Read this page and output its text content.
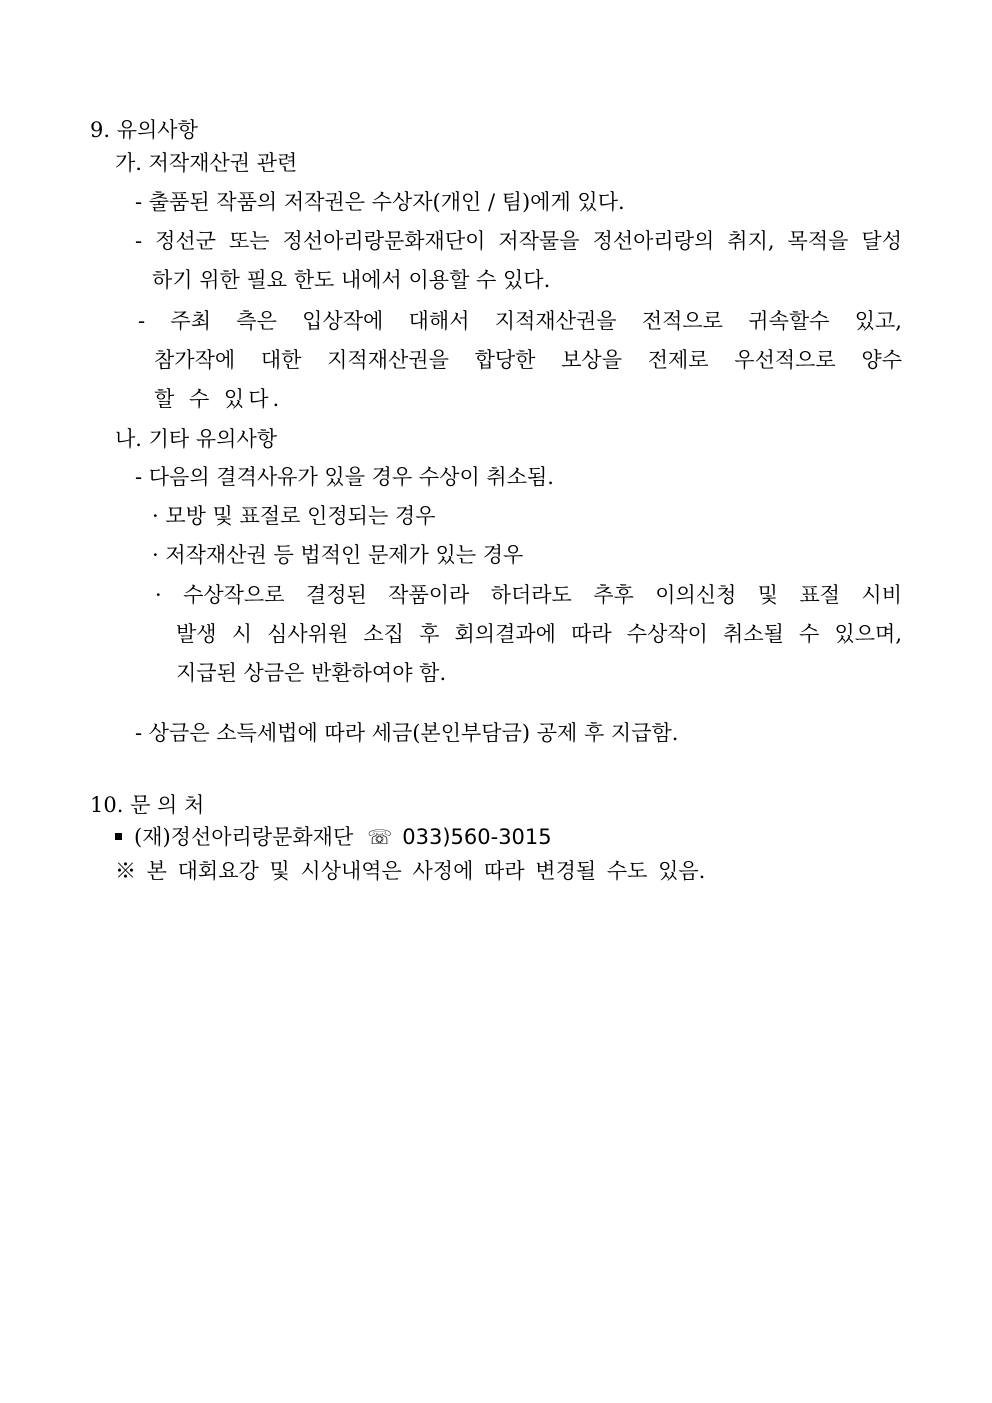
9. 유의사항
가. 저작재산권 관련
- 출품된 작품의 저작권은 수상자(개인 / 팀)에게 있다.
- 정선군 또는 정선아리랑문화재단이 저작물을 정선아리랑의 취지, 목적을 달성
하기 위한 필요 한도 내에서 이용할 수 있다.
- 주최 측은 입상작에 대해서 지적재산권을 전적으로 귀속할수 있고,
참가작에 대한 지적재산권을 합당한 보상을 전제로 우선적으로 양수
할 수 있다.
나. 기타 유의사항
- 다음의 결격사유가 있을 경우 수상이 취소됨.
· 모방 및 표절로 인정되는 경우
· 저작재산권 등 법적인 문제가 있는 경우
· 수상작으로 결정된 작품이라 하더라도 추후 이의신청 및 표절 시비
발생 시 심사위원 소집 후 회의결과에 따라 수상작이 취소될 수 있으며,
지급된 상금은 반환하여야 함.
- 상금은 소득세법에 따라 세금(본인부담금) 공제 후 지급함.
10. 문 의 처
(재)정선아리랑문화재단 ☏ 033)560-3015
※ 본 대회요강 및 시상내역은 사정에 따라 변경될 수도 있음.
